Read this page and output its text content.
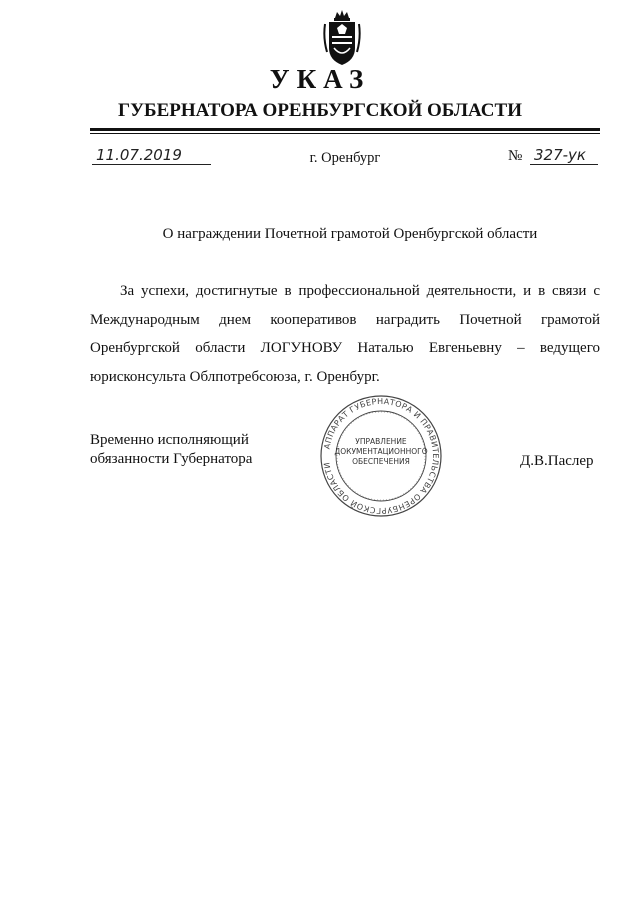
УКАЗ
ГУБЕРНАТОРА ОРЕНБУРГСКОЙ ОБЛАСТИ
11.07.2019	г. Оренбург	№ 327-ук
О награждении Почетной грамотой Оренбургской области
За успехи, достигнутые в профессиональной деятельности, и в связи с Международным днем кооперативов наградить Почетной грамотой Оренбургской области ЛОГУНОВУ Наталью Евгеньевну – ведущего юрисконсульта Облпотребсоюза, г. Оренбург.
Временно исполняющий
обязанности Губернатора
АППАРАТ ГУБЕРНАТОРА И ПРАВИТЕЛЬСТВА ОРЕНБУРГСКОЙ ОБЛАСТИ
УПРАВЛЕНИЕ
ДОКУМЕНТАЦИОННОГО
ОБЕСПЕЧЕНИЯ	Д.В.Паслер
